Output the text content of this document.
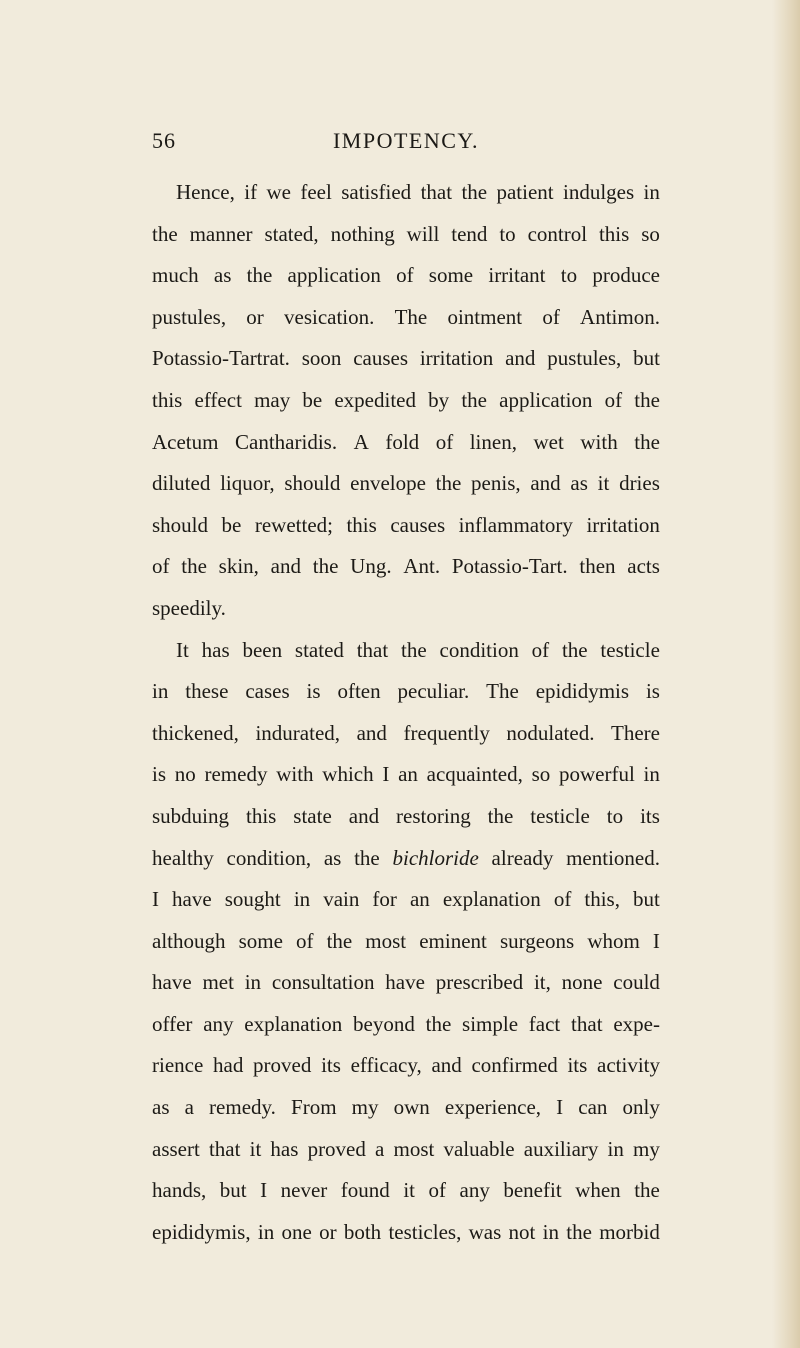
56	IMPOTENCY.
Hence, if we feel satisfied that the patient indulges in
the manner stated, nothing will tend to control this so
much as the application of some irritant to produce
pustules, or vesication. The ointment of Antimon.
Potassio-Tartrat. soon causes irritation and pustules, but
this effect may be expedited by the application of the
Acetum Cantharidis. A fold of linen, wet with the
diluted liquor, should envelope the penis, and as it dries
should be rewetted; this causes inflammatory irritation
of the skin, and the Ung. Ant. Potassio-Tart. then acts
speedily.
It has been stated that the condition of the testicle
in these cases is often peculiar. The epididymis is
thickened, indurated, and frequently nodulated. There
is no remedy with which I an acquainted, so powerful in
subduing this state and restoring the testicle to its
healthy condition, as the bichloride already mentioned.
I have sought in vain for an explanation of this, but
although some of the most eminent surgeons whom I
have met in consultation have prescribed it, none could
offer any explanation beyond the simple fact that expe-
rience had proved its efficacy, and confirmed its activity
as a remedy. From my own experience, I can only
assert that it has proved a most valuable auxiliary in my
hands, but I never found it of any benefit when the
epididymis, in one or both testicles, was not in the morbid
